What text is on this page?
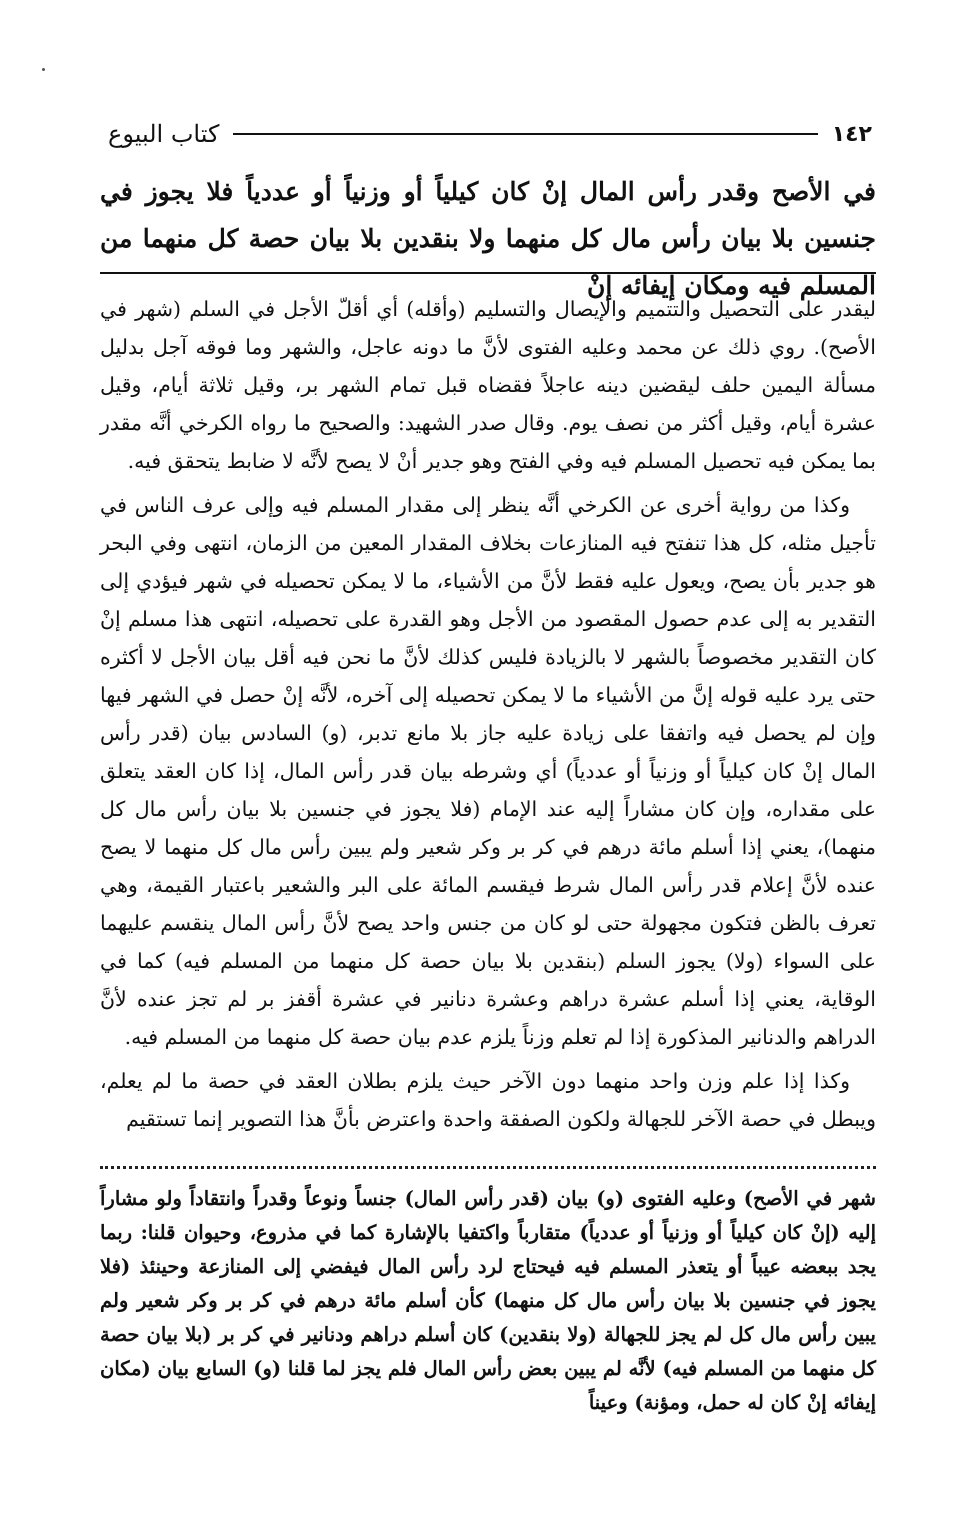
١٤٢
كتاب البيوع
في الأصح وقدر رأس المال إنْ كان كيلياً أو وزنياً أو عددياً فلا يجوز في جنسين بلا بيان رأس مال كل منهما ولا بنقدين بلا بيان حصة كل منهما من المسلم فيه ومكان إيفائه إنْ

ليقدر على التحصيل والتتميم والإيصال والتسليم (وأقله) أي أقلّ الأجل في السلم (شهر في الأصح). روي ذلك عن محمد وعليه الفتوى لأنَّ ما دونه عاجل، والشهر وما فوقه آجل بدليل مسألة اليمين حلف ليقضين دينه عاجلاً فقضاه قبل تمام الشهر بر، وقيل ثلاثة أيام، وقيل عشرة أيام، وقيل أكثر من نصف يوم. وقال صدر الشهيد: والصحيح ما رواه الكرخي أنَّه مقدر بما يمكن فيه تحصيل المسلم فيه وفي الفتح وهو جدير أنْ لا يصح لأنَّه لا ضابط يتحقق فيه.

وكذا من رواية أخرى عن الكرخي أنَّه ينظر إلى مقدار المسلم فيه وإلى عرف الناس في تأجيل مثله، كل هذا تنفتح فيه المنازعات بخلاف المقدار المعين من الزمان، انتهى وفي البحر هو جدير بأن يصح، ويعول عليه فقط لأنَّ من الأشياء، ما لا يمكن تحصيله في شهر فيؤدي إلى التقدير به إلى عدم حصول المقصود من الأجل وهو القدرة على تحصيله، انتهى هذا مسلم إنْ كان التقدير مخصوصاً بالشهر لا بالزيادة فليس كذلك لأنَّ ما نحن فيه أقل بيان الأجل لا أكثره حتى يرد عليه قوله إنَّ من الأشياء ما لا يمكن تحصيله إلى آخره، لأنَّه إنْ حصل في الشهر فيها وإن لم يحصل فيه واتفقا على زيادة عليه جاز بلا مانع تدبر، (و) السادس بيان (قدر رأس المال إنْ كان كيلياً أو وزنياً أو عددياً) أي وشرطه بيان قدر رأس المال، إذا كان العقد يتعلق على مقداره، وإن كان مشاراً إليه عند الإمام (فلا يجوز في جنسين بلا بيان رأس مال كل منهما)، يعني إذا أسلم مائة درهم في كر بر وكر شعير ولم يبين رأس مال كل منهما لا يصح عنده لأنَّ إعلام قدر رأس المال شرط فيقسم المائة على البر والشعير باعتبار القيمة، وهي تعرف بالظن فتكون مجهولة حتى لو كان من جنس واحد يصح لأنَّ رأس المال ينقسم عليهما على السواء (ولا) يجوز السلم (بنقدين بلا بيان حصة كل منهما من المسلم فيه) كما في الوقاية، يعني إذا أسلم عشرة دراهم وعشرة دنانير في عشرة أقفز بر لم تجز عنده لأنَّ الدراهم والدنانير المذكورة إذا لم تعلم وزناً يلزم عدم بيان حصة كل منهما من المسلم فيه.

وكذا إذا علم وزن واحد منهما دون الآخر حيث يلزم بطلان العقد في حصة ما لم يعلم، ويبطل في حصة الآخر للجهالة ولكون الصفقة واحدة واعترض بأنَّ هذا التصوير إنما تستقيم

شهر في الأصح) وعليه الفتوى (و) بيان (قدر رأس المال) جنساً ونوعاً وقدراً وانتقاداً ولو مشاراً إليه (إنْ كان كيلياً أو وزنياً أو عددياً) متقارباً واكتفيا بالإشارة كما في مذروع، وحيوان قلنا: ربما يجد ببعضه عيباً أو يتعذر المسلم فيه فيحتاج لرد رأس المال فيفضي إلى المنازعة وحينئذ (فلا يجوز في جنسين بلا بيان رأس مال كل منهما) كأن أسلم مائة درهم في كر بر وكر شعير ولم يبين رأس مال كل لم يجز للجهالة (ولا بنقدين) كان أسلم دراهم ودنانير في كر بر (بلا بيان حصة كل منهما من المسلم فيه) لأنَّه لم يبين بعض رأس المال فلم يجز لما قلنا (و) السابع بيان (مكان إيفائه إنْ كان له حمل، ومؤنة) وعيناً
